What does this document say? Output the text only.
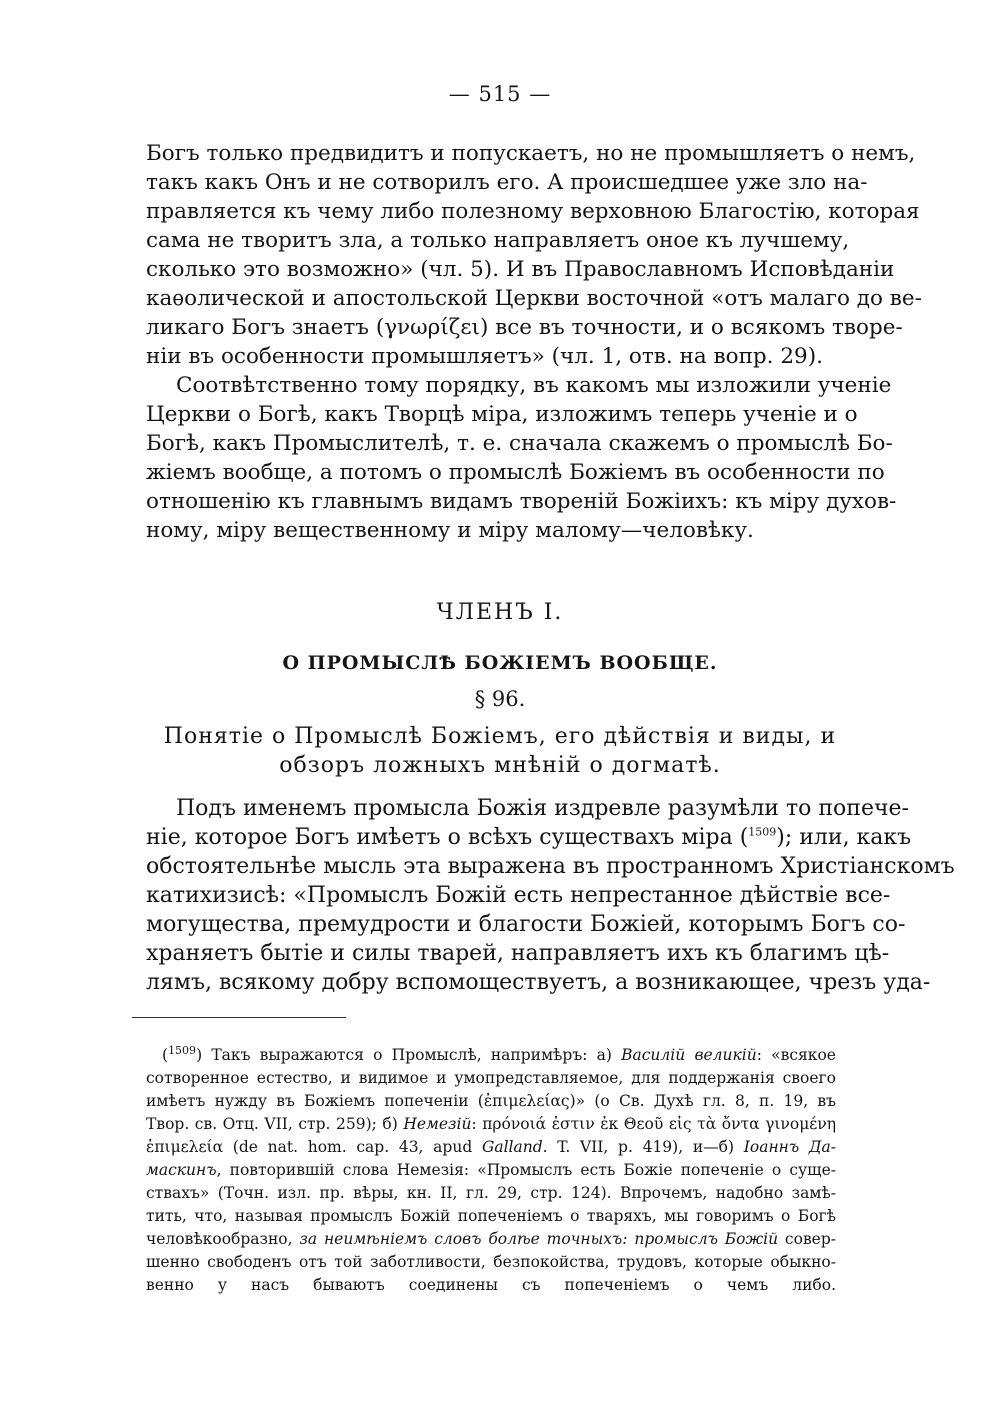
— 515 —

Богъ только предвидитъ и попускаетъ, но не промышляетъ о немъ,

такъ какъ Онъ и не сотворилъ его. А происшедшее уже зло на-

правляется къ чему либо полезному верховною Благостію, которая

сама не творитъ зла, а только направляетъ оное къ лучшему,

сколько это возможно» (чл. 5). И въ Православномъ Исповѣданіи

каѳолической и апостольской Церкви восточной «отъ малаго до ве-

ликаго Богъ знаетъ (γνωρίζει) все въ точности, и о всякомъ творе-

ніи въ особенности промышляетъ» (чл. 1, отв. на вопр. 29).

Соотвѣтственно тому порядку, въ какомъ мы изложили ученіе

Церкви о Богѣ, какъ Творцѣ міра, изложимъ теперь ученіе и о

Богѣ, какъ Промыслителѣ, т. е. сначала скажемъ о промыслѣ Бо-

жіемъ вообще, а потомъ о промыслѣ Божіемъ въ особенности по

отношенію къ главнымъ видамъ твореній Божіихъ: къ міру духов-

ному, міру вещественному и міру малому—человѣку.

ЧЛЕНЪ I.

О ПРОМЫСЛѢ БОЖІЕМЪ ВООБЩЕ.

§ 96.

Понятіе о Промыслѣ Божіемъ, его дѣйствія и виды, и

обзоръ ложныхъ мнѣній о догматѣ.

Подъ именемъ промысла Божія издревле разумѣли то попече-

ніе, которое Богъ имѣетъ о всѣхъ существахъ міра ($^{1509}$); или, какъ

обстоятельнѣе мысль эта выражена въ пространномъ Христіанскомъ

катихизисѣ: «Промыслъ Божій есть непрестанное дѣйствіе все-

могущества, премудрости и благости Божіей, которымъ Богъ со-

храняетъ бытіе и силы тварей, направляетъ ихъ къ благимъ цѣ-

лямъ, всякому добру вспомоществуетъ, а возникающее, чрезъ уда-

($^{1509}$) Такъ выражаются о Промыслѣ, напримѣръ: а) Василій великій: «всякое

сотворенное естество, и видимое и умопредставляемое, для поддержанія своего

имѣетъ нужду въ Божіемъ попеченіи (ἐπιμελείας)» (о Св. Духѣ гл. 8, п. 19, въ

Твор. св. Отц. VII, стр. 259); б) Немезій: πρόνοιά ἐστιν ἐκ Θεοῦ εἰς τὰ ὄντα γινομένη

ἐπιμελεία (de nat. hom. cap. 43, apud Galland. T. VII, p. 419), и—б) Іоаннъ Да-

маскинъ, повторившій слова Немезія: «Промыслъ есть Божіе попеченіе о суще-

ствахъ» (Точн. изл. пр. вѣры, кн. II, гл. 29, стр. 124). Впрочемъ, надобно замѣ-

тить, что, называя промыслъ Божій попеченіемъ о тваряхъ, мы говоримъ о Богѣ

человѣкообразно, за неимѣніемъ словъ болѣе точныхъ: промыслъ Божій совер-

шенно свободенъ отъ той заботливости, безпокойства, трудовъ, которые обыкно-

венно у насъ бываютъ соединены съ попеченіемъ о чемъ либо.
